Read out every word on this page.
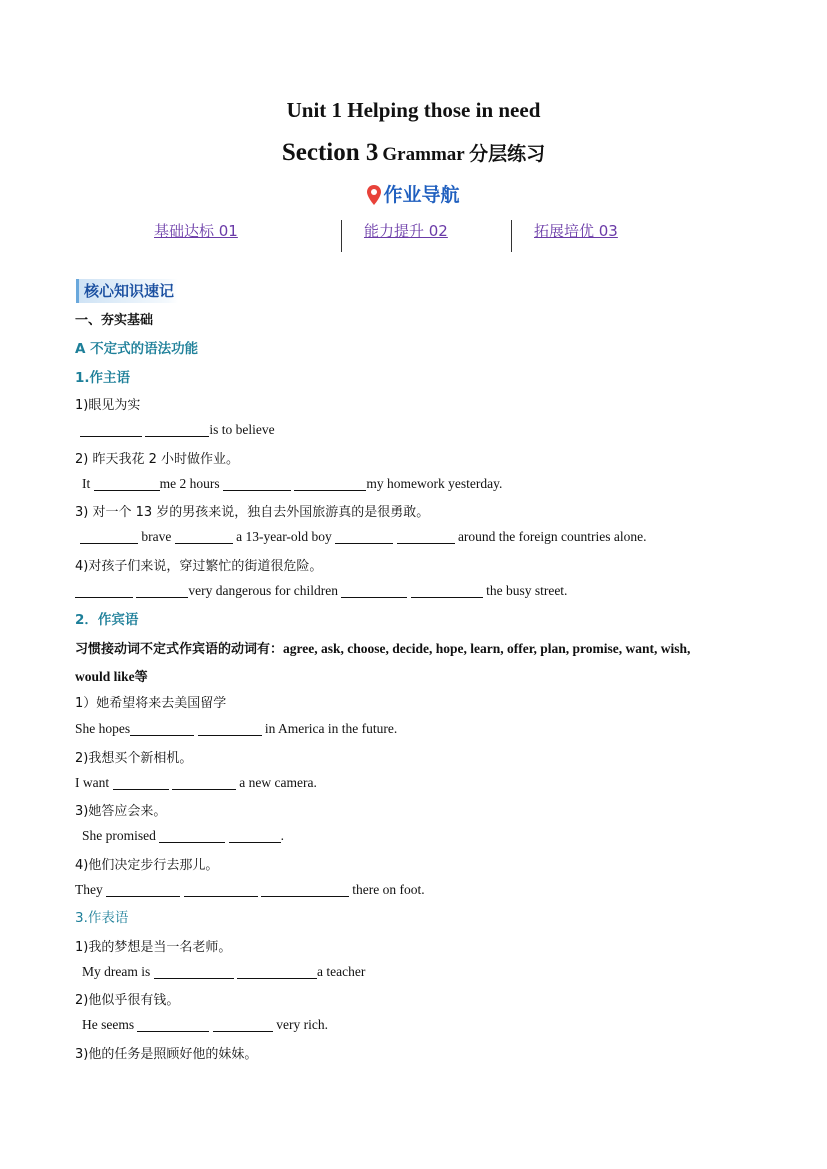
Unit 1 Helping those in need
Section 3 Grammar 分层练习
作业导航
基础达标 01	能力提升 02	拓展培优 03
核心知识速记
一、夯实基础
A 不定式的语法功能
1.作主语
1)眼见为实
is to believe
2) 昨天我花 2 小时做作业。
It	me 2 hours	my homework yesterday.
3) 对一个 13 岁的男孩来说，独自去外国旅游真的是很勇敢。
brave	a 13-year-old boy	around the foreign countries alone.
4)对孩子们来说，穿过繁忙的街道很危险。
very dangerous for children	the busy street.
2．作宾语
习惯接动词不定式作宾语的动词有：agree, ask, choose, decide, hope, learn, offer, plan, promise, want, wish,
would like等
1）她希望将来去美国留学
She hopes	in America in the future.
2)我想买个新相机。
I want	a new camera.
3)她答应会来。
She promised	.
4)他们决定步行去那儿。
They	there on foot.
3.作表语
1)我的梦想是当一名老师。
My dream is	a teacher
2)他似乎很有钱。
He seems	very rich.
3)他的任务是照顾好他的妹妹。
